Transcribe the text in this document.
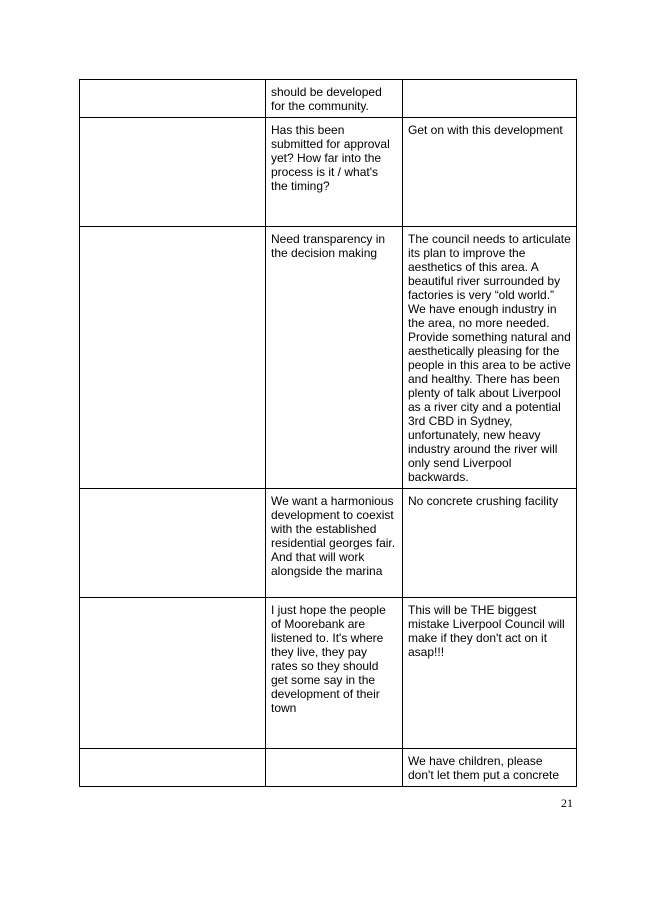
	should be developed for the community.	
	Has this been submitted for approval yet? How far into the process is it / what's the timing?	Get on with this development
	Need transparency in the decision making	The council needs to articulate its plan to improve the aesthetics of this area. A beautiful river surrounded by factories is very “old world.” We have enough industry in the area, no more needed. Provide something natural and aesthetically pleasing for the people in this area to be active and healthy. There has been plenty of talk about Liverpool as a river city and a potential 3rd CBD in Sydney, unfortunately, new heavy industry around the river will only send Liverpool backwards.
	We want a harmonious development to coexist with the established residential georges fair. And that will work alongside the marina	No concrete crushing facility
	I just hope the people of Moorebank are listened to. It's where they live, they pay rates so they should get some say in the development of their town	This will be THE biggest mistake Liverpool Council will make if they don't act on it asap!!!
		We have children, please don't let them put a concrete
21
